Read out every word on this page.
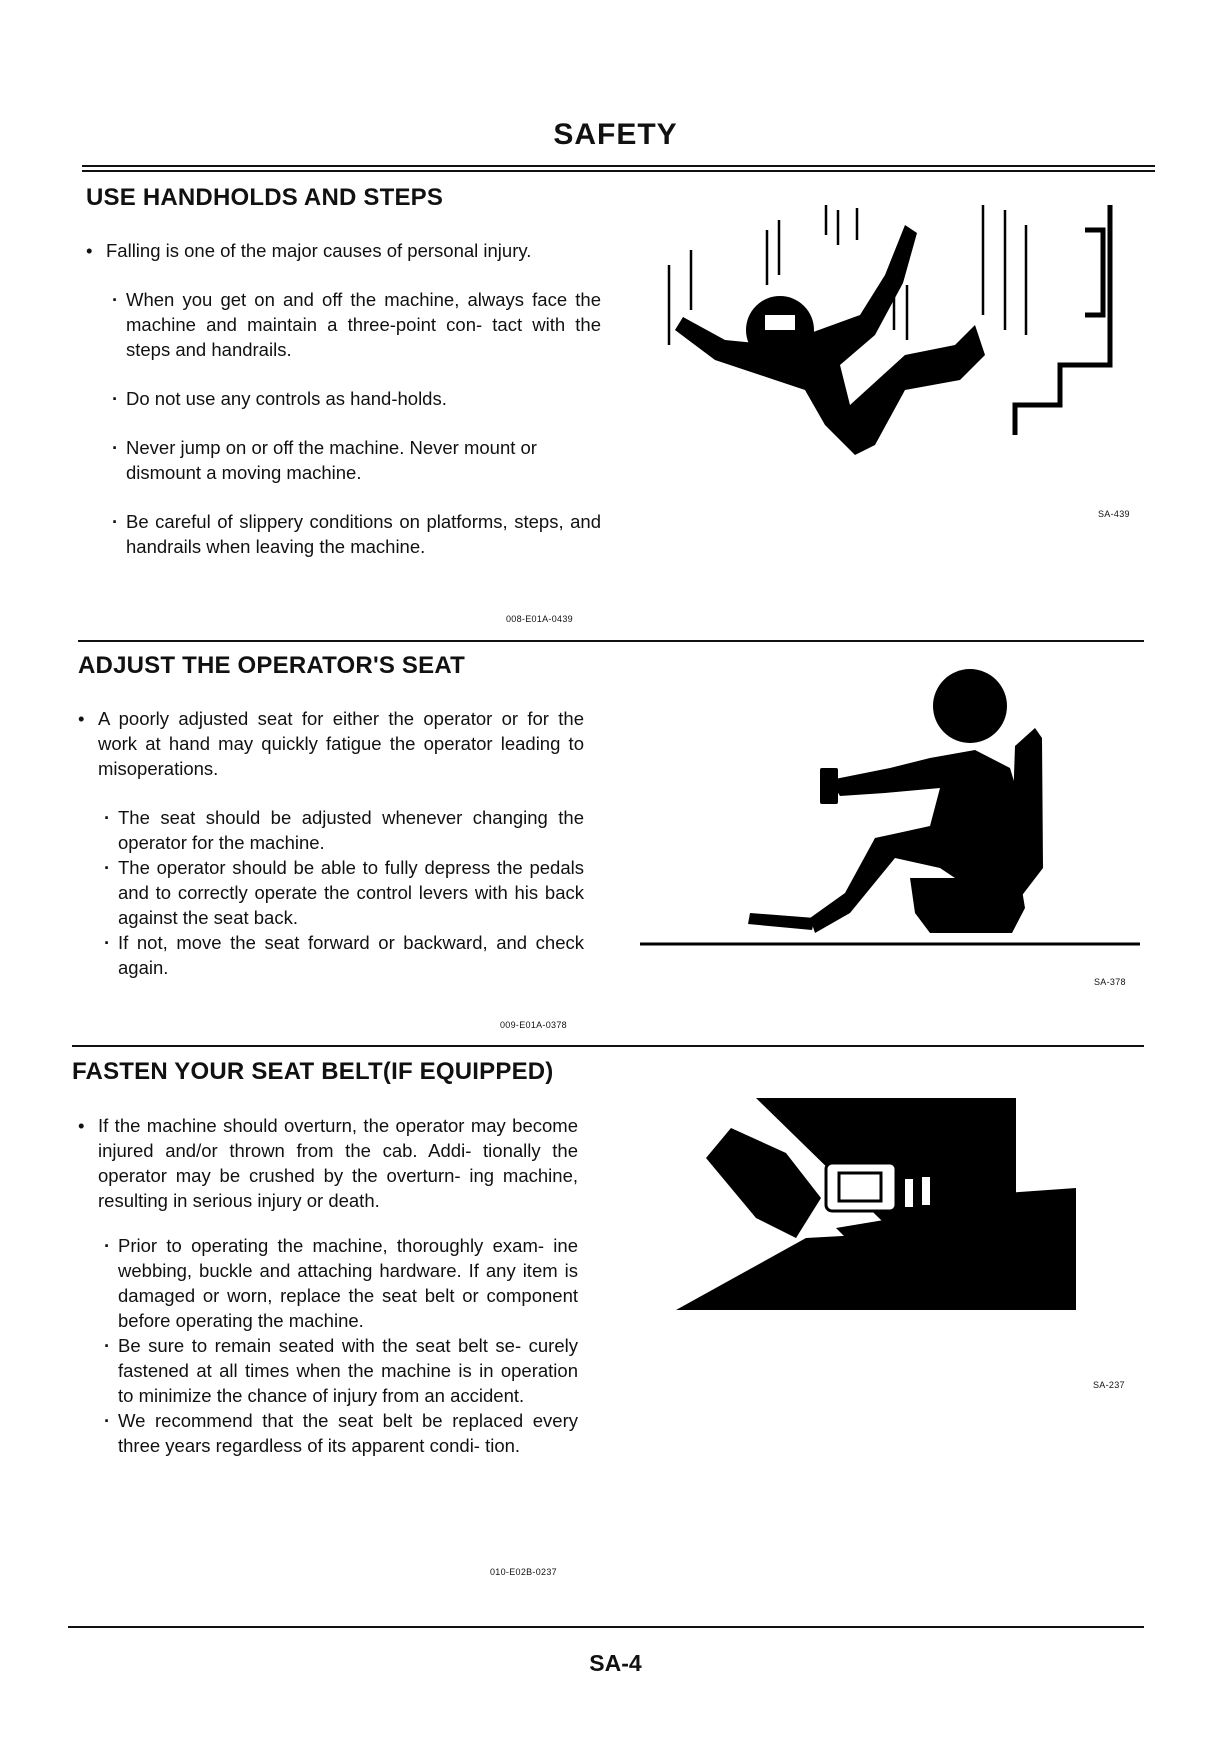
SAFETY
USE HANDHOLDS AND STEPS
• Falling is one of the major causes of personal injury.
· When you get on and off the machine, always face the machine and maintain a three-point con- tact with the steps and handrails.
· Do not use any controls as hand-holds.
· Never jump on or off the machine. Never mount or dismount a moving machine.
· Be careful of slippery conditions on platforms, steps, and handrails when leaving the machine.
008-E01A-0439
SA-439
ADJUST THE OPERATOR'S SEAT
• A poorly adjusted seat for either the operator or for the work at hand may quickly fatigue the operator leading to misoperations.
· The seat should be adjusted whenever changing the operator for the machine.
· The operator should be able to fully depress the pedals and to correctly operate the control levers with his back against the seat back.
· If not, move the seat forward or backward, and check again.
009-E01A-0378
SA-378
FASTEN YOUR SEAT BELT(IF EQUIPPED)
• If the machine should overturn, the operator may become injured and/or thrown from the cab. Addi- tionally the operator may be crushed by the overturn- ing machine, resulting in serious injury or death.
· Prior to operating the machine, thoroughly exam- ine webbing, buckle and attaching hardware. If any item is damaged or worn, replace the seat belt or component before operating the machine.
· Be sure to remain seated with the seat belt se- curely fastened at all times when the machine is in operation to minimize the chance of injury from an accident.
· We recommend that the seat belt be replaced every three years regardless of its apparent condi- tion.
010-E02B-0237
SA-237
SA-4
